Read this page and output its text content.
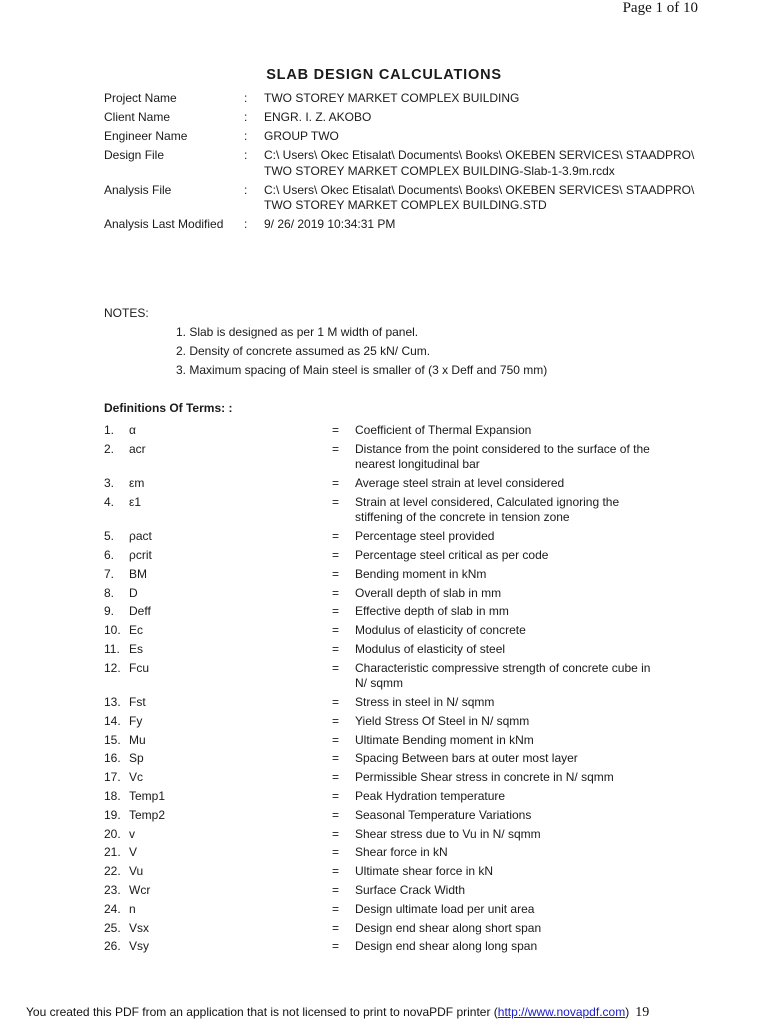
Page 1 of 10
SLAB DESIGN CALCULATIONS
Project Name	:	TWO STOREY MARKET COMPLEX BUILDING
Client Name	:	ENGR. I. Z. AKOBO
Engineer Name	:	GROUP TWO
Design File	:	C:\ Users\ Okec Etisalat\ Documents\ Books\ OKEBEN SERVICES\ STAADPRO\ TWO STOREY MARKET COMPLEX BUILDING-Slab-1-3.9m.rcdx
Analysis File	:	C:\ Users\ Okec Etisalat\ Documents\ Books\ OKEBEN SERVICES\ STAADPRO\ TWO STOREY MARKET COMPLEX BUILDING.STD
Analysis Last Modified	:	9/ 26/ 2019 10:34:31 PM
NOTES:
1. Slab is designed as per 1 M width of panel.
2. Density of concrete assumed as 25 kN/ Cum.
3. Maximum spacing of Main steel is smaller of (3 x Deff and 750 mm)
Definitions Of Terms: :
1.	α	=	Coefficient of Thermal Expansion
2.	acr	=	Distance from the point considered to the surface of the nearest longitudinal bar
3.	εm	=	Average steel strain at level considered
4.	ε1	=	Strain at level considered, Calculated ignoring the stiffening of the concrete in tension zone
5.	ρact	=	Percentage steel provided
6.	ρcrit	=	Percentage steel critical as per code
7.	BM	=	Bending moment in kNm
8.	D	=	Overall depth of slab in mm
9.	Deff	=	Effective depth of slab in mm
10. Ec	=	Modulus of elasticity of concrete
11. Es	=	Modulus of elasticity of steel
12. Fcu	=	Characteristic compressive strength of concrete cube in N/ sqmm
13. Fst	=	Stress in steel in N/ sqmm
14. Fy	=	Yield Stress Of Steel in N/ sqmm
15. Mu	=	Ultimate Bending moment in kNm
16. Sp	=	Spacing Between bars at outer most layer
17. Vc	=	Permissible Shear stress in concrete in N/ sqmm
18. Temp1	=	Peak Hydration temperature
19. Temp2	=	Seasonal Temperature Variations
20. v	=	Shear stress due to Vu in N/ sqmm
21. V	=	Shear force in kN
22. Vu	=	Ultimate shear force in kN
23. Wcr	=	Surface Crack Width
24. n	=	Design ultimate load per unit area
25. Vsx	=	Design end shear along short span
26. Vsy	=	Design end shear along long span
You created this PDF from an application that is not licensed to print to novaPDF printer (http://www.novapdf.com) 19
